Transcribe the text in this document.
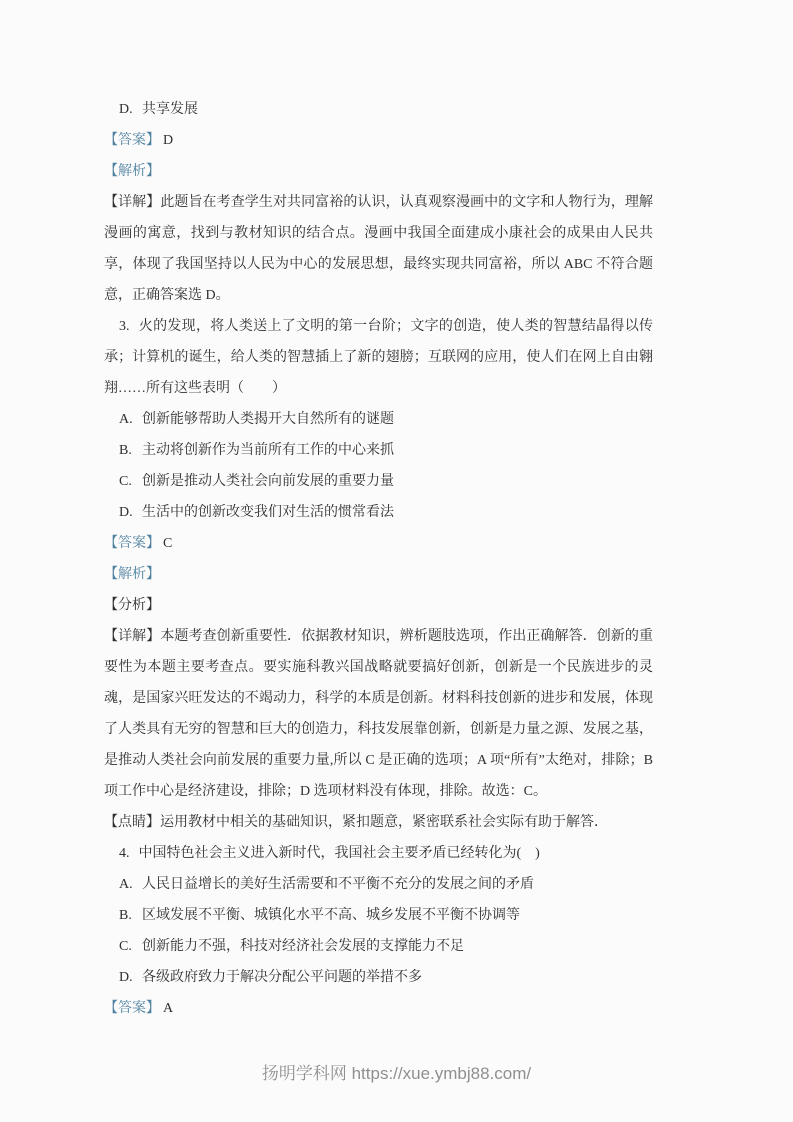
D. 共享发展
【答案】 D
【解析】

【详解】此题旨在考查学生对共同富裕的认识，认真观察漫画中的文字和人物行为，理解漫画的寓意，找到与教材知识的结合点。漫画中我国全面建成小康社会的成果由人民共享，体现了我国坚持以人民为中心的发展思想，最终实现共同富裕，所以 ABC 不符合题意，正确答案选 D。

3. 火的发现，将人类送上了文明的第一台阶；文字的创造，使人类的智慧结晶得以传承；计算机的诞生，给人类的智慧插上了新的翅膀；互联网的应用，使人们在网上自由翱翔……所有这些表明（　　）

A. 创新能够帮助人类揭开大自然所有的谜题
B. 主动将创新作为当前所有工作的中心来抓
C. 创新是推动人类社会向前发展的重要力量
D. 生活中的创新改变我们对生活的惯常看法
【答案】 C
【解析】
【分析】

【详解】本题考查创新重要性．依据教材知识，辨析题肢选项，作出正确解答．创新的重要性为本题主要考查点。要实施科教兴国战略就要搞好创新，创新是一个民族进步的灵魂，是国家兴旺发达的不竭动力，科学的本质是创新。材料科技创新的进步和发展，体现了人类具有无穷的智慧和巨大的创造力，科技发展靠创新，创新是力量之源、发展之基，是推动人类社会向前发展的重要力量,所以 C 是正确的选项；A 项“所有”太绝对，排除；B 项工作中心是经济建设，排除；D 选项材料没有体现，排除。故选：C。

【点睛】运用教材中相关的基础知识，紧扣题意，紧密联系社会实际有助于解答．

4. 中国特色社会主义进入新时代，我国社会主要矛盾已经转化为(　)

A. 人民日益增长的美好生活需要和不平衡不充分的发展之间的矛盾
B. 区域发展不平衡、城镇化水平不高、城乡发展不平衡不协调等
C. 创新能力不强，科技对经济社会发展的支撑能力不足
D. 各级政府致力于解决分配公平问题的举措不多
【答案】 A
扬明学科网 https://xue.ymbj88.com/
